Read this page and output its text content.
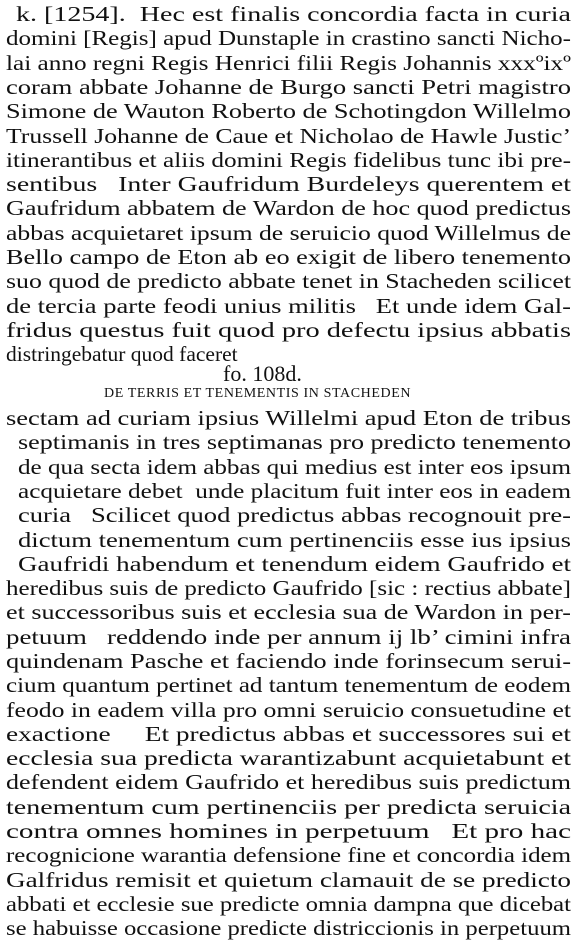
k. [1254].  Hec est finalis concordia facta in curia
domini [Regis] apud Dunstaple in crastino sancti Nicho-
lai anno regni Regis Henrici filii Regis Johannis xxxºixº
coram abbate Johanne de Burgo sancti Petri magistro
Simone de Wauton Roberto de Schotingdon Willelmo
Trussell Johanne de Caue et Nicholao de Hawle Justic’
itinerantibus et aliis domini Regis fidelibus tunc ibi pre-
sentibus   Inter Gaufridum Burdeleys querentem et
Gaufridum abbatem de Wardon de hoc quod predictus
abbas acquietaret ipsum de seruicio quod Willelmus de
Bello campo de Eton ab eo exigit de libero tenemento
suo quod de predicto abbate tenet in Stacheden scilicet
de tercia parte feodi unius militis   Et unde idem Gal-
fridus questus fuit quod pro defectu ipsius abbatis
distringebatur quod faceret
fo. 108d.
DE TERRIS ET TENEMENTIS IN STACHEDEN
sectam ad curiam ipsius Willelmi apud Eton de tribus
septimanis in tres septimanas pro predicto tenemento
de qua secta idem abbas qui medius est inter eos ipsum
acquietare debet  unde placitum fuit inter eos in eadem
curia   Scilicet quod predictus abbas recognouit pre-
dictum tenementum cum pertinenciis esse ius ipsius
Gaufridi habendum et tenendum eidem Gaufrido et
heredibus suis de predicto Gaufrido [sic : rectius abbate]
et successoribus suis et ecclesia sua de Wardon in per-
petuum   reddendo inde per annum ij lb’ cimini infra
quindenam Pasche et faciendo inde forinsecum serui-
cium quantum pertinet ad tantum tenementum de eodem
feodo in eadem villa pro omni seruicio consuetudine et
exactione     Et predictus abbas et successores sui et
ecclesia sua predicta warantizabunt acquietabunt et
defendent eidem Gaufrido et heredibus suis predictum
tenementum cum pertinenciis per predicta seruicia
contra omnes homines in perpetuum   Et pro hac
recognicione warantia defensione fine et concordia idem
Galfridus remisit et quietum clamauit de se predicto
abbati et ecclesie sue predicte omnia dampna que dicebat
se habuisse occasione predicte districcionis in perpetuum
